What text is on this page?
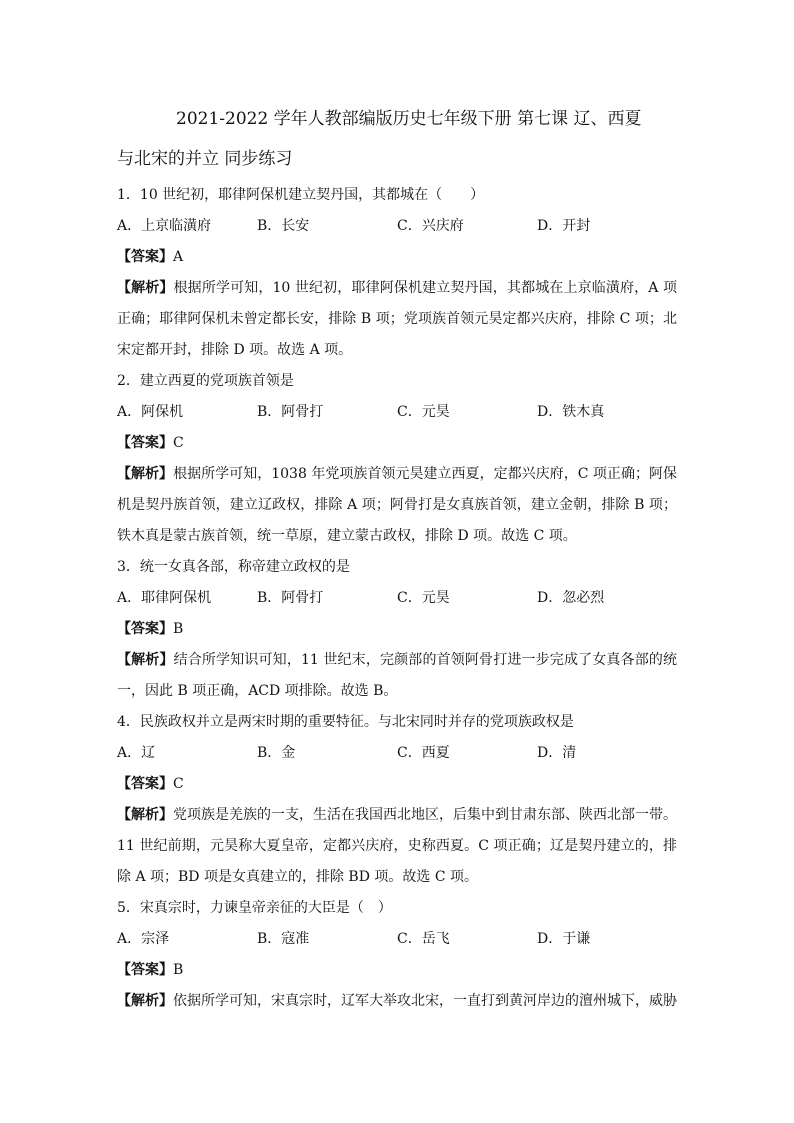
2021-2022 学年人教部编版历史七年级下册 第七课 辽、西夏
与北宋的并立 同步练习
1．10 世纪初，耶律阿保机建立契丹国，其都城在（　　）
A．上京临潢府	B．长安	C．兴庆府	D．开封
【答案】A
【解析】根据所学可知，10 世纪初，耶律阿保机建立契丹国，其都城在上京临潢府，A 项正确；耶律阿保机未曾定都长安，排除 B 项；党项族首领元昊定都兴庆府，排除 C 项；北宋定都开封，排除 D 项。故选 A 项。
2．建立西夏的党项族首领是
A．阿保机	B．阿骨打	C．元昊	D．铁木真
【答案】C
【解析】根据所学可知，1038 年党项族首领元昊建立西夏，定都兴庆府，C 项正确；阿保机是契丹族首领，建立辽政权，排除 A 项；阿骨打是女真族首领，建立金朝，排除 B 项；铁木真是蒙古族首领，统一草原，建立蒙古政权，排除 D 项。故选 C 项。
3．统一女真各部，称帝建立政权的是
A．耶律阿保机	B．阿骨打	C．元昊	D．忽必烈
【答案】B
【解析】结合所学知识可知，11 世纪末，完颜部的首领阿骨打进一步完成了女真各部的统一，因此 B 项正确，ACD 项排除。故选 B。
4．民族政权并立是两宋时期的重要特征。与北宋同时并存的党项族政权是
A．辽	B．金	C．西夏	D．清
【答案】C
【解析】党项族是羌族的一支，生活在我国西北地区，后集中到甘肃东部、陕西北部一带。11 世纪前期，元昊称大夏皇帝，定都兴庆府，史称西夏。C 项正确；辽是契丹建立的，排除 A 项；BD 项是女真建立的，排除 BD 项。故选 C 项。
5．宋真宗时，力谏皇帝亲征的大臣是（　）
A．宗泽	B．寇准	C．岳飞	D．于谦
【答案】B
【解析】依据所学可知，宋真宗时，辽军大举攻北宋，一直打到黄河岸边的澶州城下，威胁
